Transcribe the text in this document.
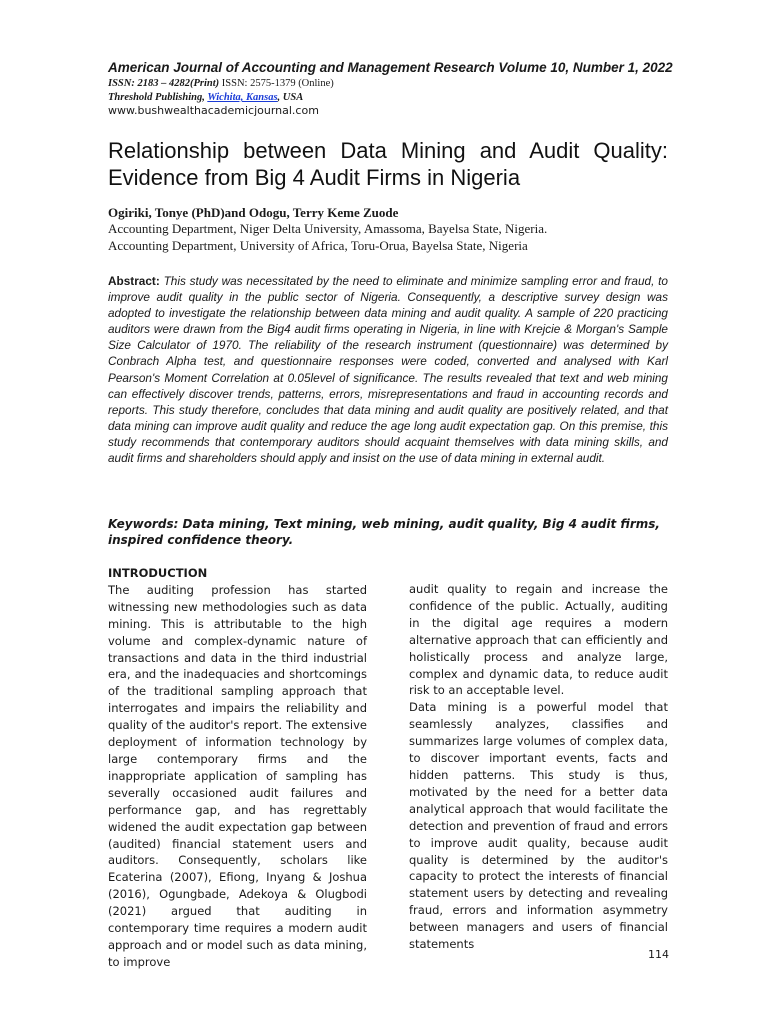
American Journal of Accounting and Management Research Volume 10, Number 1, 2022
ISSN: 2183 – 4282(Print) ISSN: 2575-1379 (Online)
Threshold Publishing, Wichita, Kansas, USA
www.bushwealthacademicjournal.com
Relationship between Data Mining and Audit Quality:
Evidence from Big 4 Audit Firms in Nigeria
Ogiriki, Tonye (PhD)and Odogu, Terry Keme Zuode
Accounting Department, Niger Delta University, Amassoma, Bayelsa State, Nigeria.
Accounting Department, University of Africa, Toru-Orua, Bayelsa State, Nigeria
Abstract: This study was necessitated by the need to eliminate and minimize sampling error and fraud, to improve audit quality in the public sector of Nigeria. Consequently, a descriptive survey design was adopted to investigate the relationship between data mining and audit quality. A sample of 220 practicing auditors were drawn from the Big4 audit firms operating in Nigeria, in line with Krejcie & Morgan's Sample Size Calculator of 1970. The reliability of the research instrument (questionnaire) was determined by Conbrach Alpha test, and questionnaire responses were coded, converted and analysed with Karl Pearson's Moment Correlation at 0.05level of significance. The results revealed that text and web mining can effectively discover trends, patterns, errors, misrepresentations and fraud in accounting records and reports. This study therefore, concludes that data mining and audit quality are positively related, and that data mining can improve audit quality and reduce the age long audit expectation gap. On this premise, this study recommends that contemporary auditors should acquaint themselves with data mining skills, and audit firms and shareholders should apply and insist on the use of data mining in external audit.
Keywords: Data mining, Text mining, web mining, audit quality, Big 4 audit firms,
inspired confidence theory.
INTRODUCTION

The auditing profession has started witnessing new methodologies such as data mining. This is attributable to the high volume and complex-dynamic nature of transactions and data in the third industrial era, and the inadequacies and shortcomings of the traditional sampling approach that interrogates and impairs the reliability and quality of the auditor's report. The extensive deployment of information technology by large contemporary firms and the inappropriate application of sampling has severally occasioned audit failures and performance gap, and has regrettably widened the audit expectation gap between (audited) financial statement users and auditors. Consequently, scholars like Ecaterina (2007), Efiong, Inyang & Joshua (2016), Ogungbade, Adekoya & Olugbodi (2021) argued that auditing in contemporary time requires a modern audit approach and or model such as data mining, to improve

audit quality to regain and increase the confidence of the public. Actually, auditing in the digital age requires a modern alternative approach that can efficiently and holistically process and analyze large, complex and dynamic data, to reduce audit risk to an acceptable level.

Data mining is a powerful model that seamlessly analyzes, classifies and summarizes large volumes of complex data, to discover important events, facts and hidden patterns. This study is thus, motivated by the need for a better data analytical approach that would facilitate the detection and prevention of fraud and errors to improve audit quality, because audit quality is determined by the auditor's capacity to protect the interests of financial statement users by detecting and revealing fraud, errors and information asymmetry between managers and users of financial statements

114
